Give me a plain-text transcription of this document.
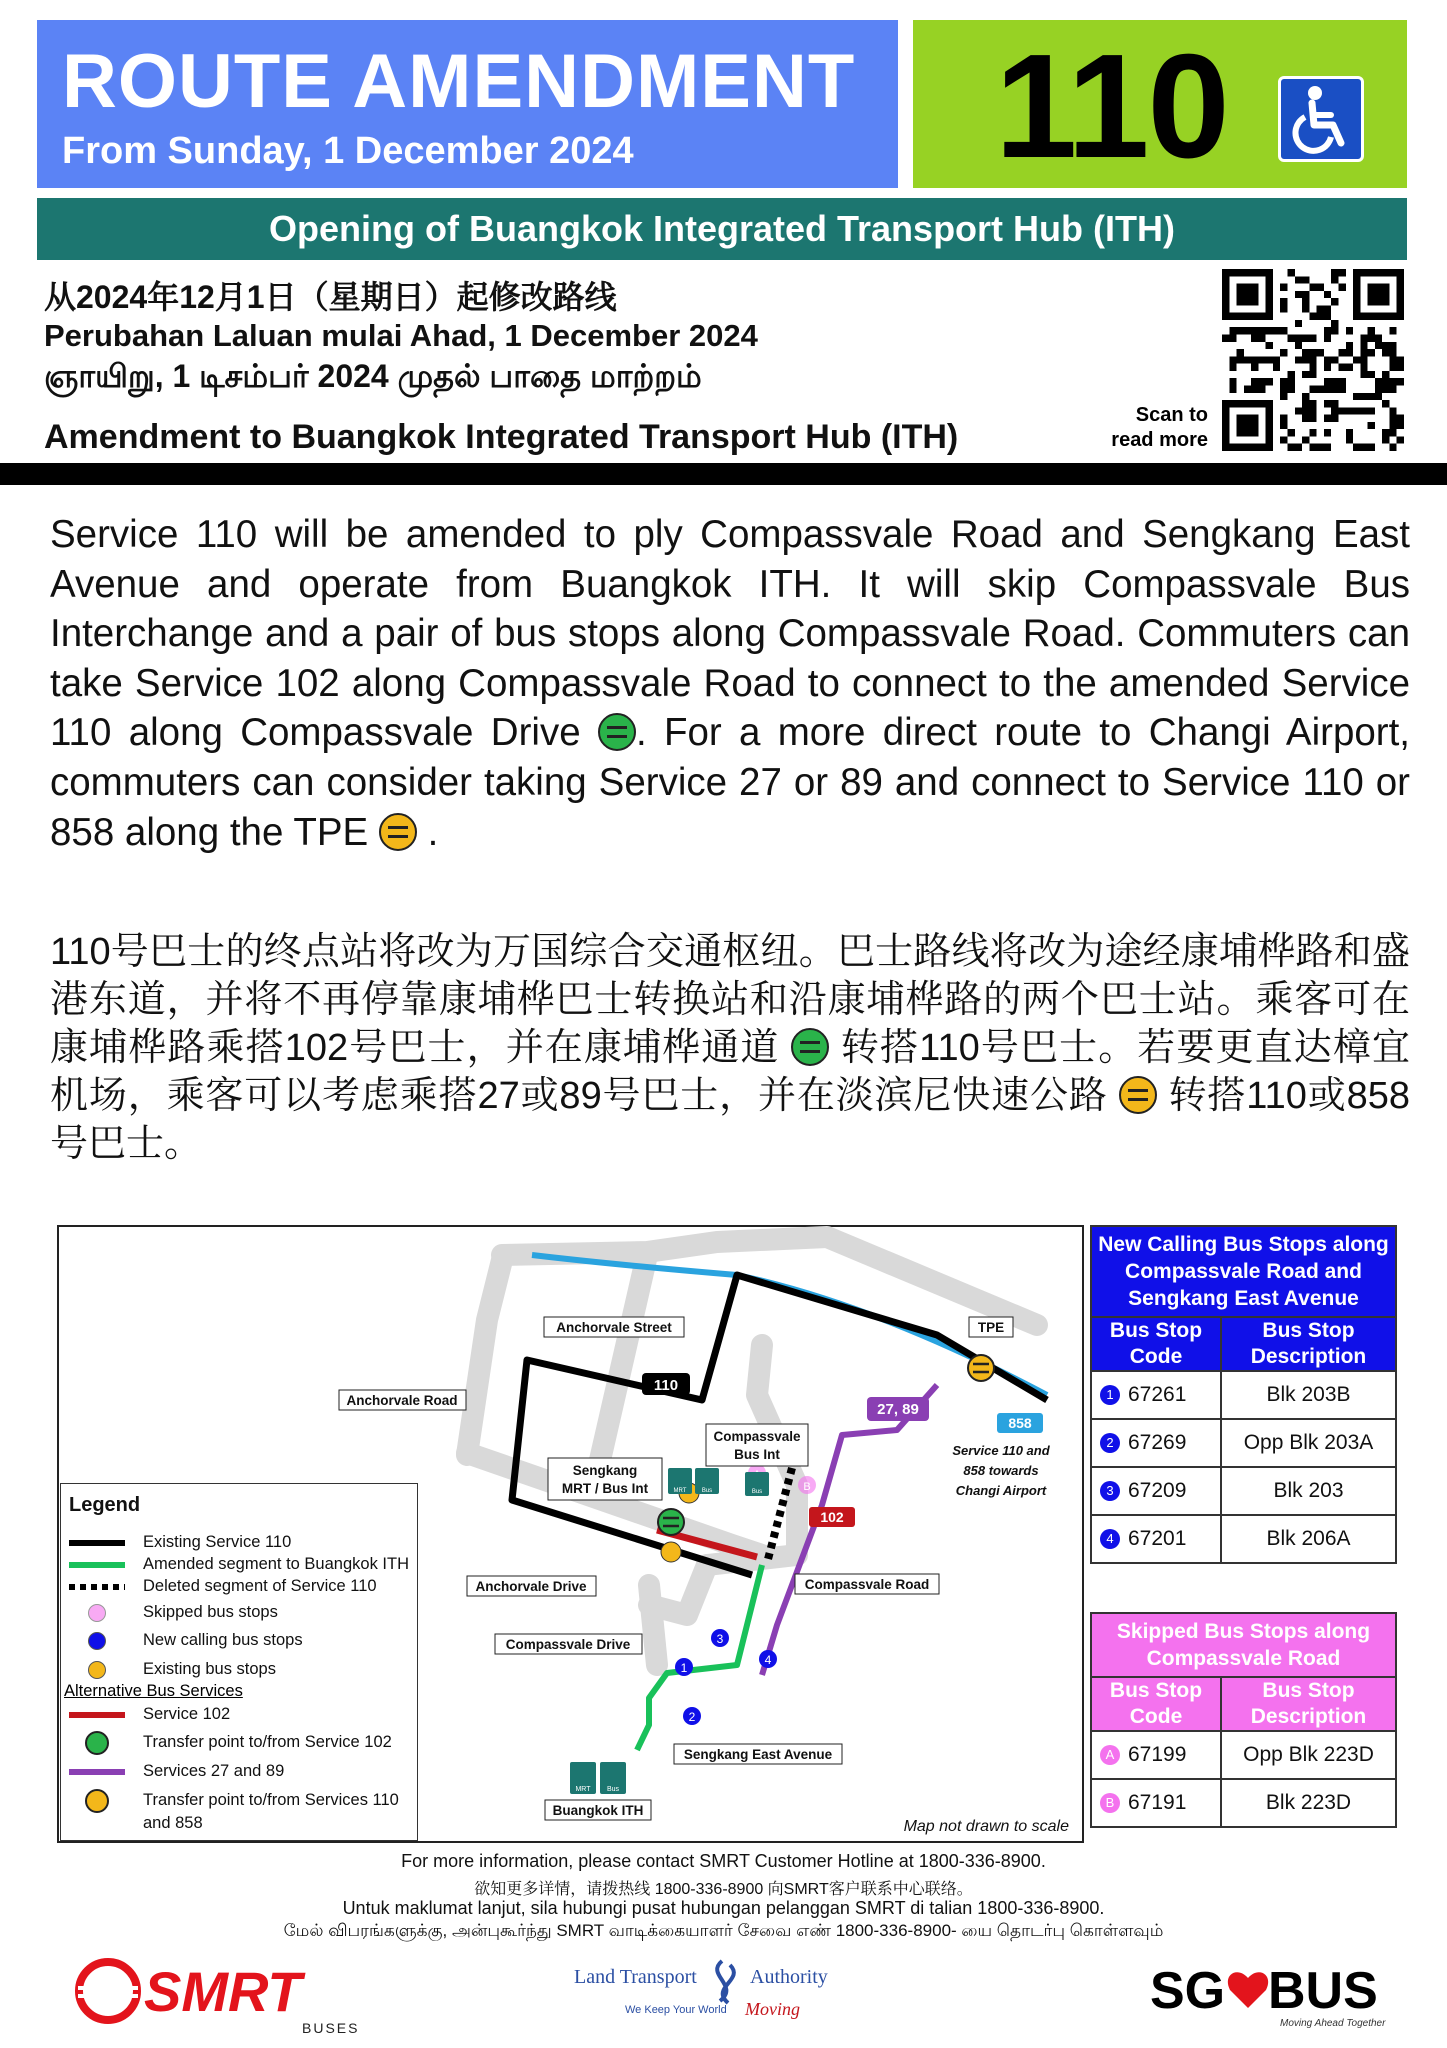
ROUTE AMENDMENT
From Sunday, 1 December 2024 110
Opening of Buangkok Integrated Transport Hub (ITH)
从2024年12月1日（星期日）起修改路线
Perubahan Laluan mulai Ahad, 1 December 2024
ஞாயிறு, 1 டிசம்பர் 2024 முதல் பாதை மாற்றம்
Amendment to Buangkok Integrated Transport Hub (ITH)
Scan to
read more
Service 110 will be amended to ply Compassvale Road and Sengkang East Avenue and operate from Buangkok ITH. It will skip Compassvale Bus Interchange and a pair of bus stops along Compassvale Road. Commuters can take Service 102 along Compassvale Road to connect to the amended Service 110 along Compassvale Drive . For a more direct route to Changi Airport, commuters can consider taking Service 27 or 89 and connect to Service 110 or 858 along the TPE .
110号巴士的终点站将改为万国综合交通枢纽。巴士路线将改为途经康埔桦路和盛港东道，并将不再停靠康埔桦巴士转换站和沿康埔桦路的两个巴士站。乘客可在康埔桦路乘搭102号巴士，并在康埔桦通道 转搭110号巴士。若要更直达樟宜机场，乘客可以考虑乘搭27或89号巴士，并在淡滨尼快速公路 转搭110或858号巴士。
B
1
2
3
4
Anchorvale Street
Anchorvale Road
Anchorvale Drive
Compassvale Drive
Compassvale Road
Sengkang East Avenue
Buangkok ITH
TPE
Sengkang
MRT / Bus Int
Compassvale
Bus Int
110
27, 89
102
858
Service 110 and
858 towards
Changi Airport
Map not drawn to scale
MRT	Bus	Bus
MRT Bus
Legend
Existing Service 110
Amended segment to Buangkok ITH
Deleted segment of Service 110
Skipped bus stops
New calling bus stops
Existing bus stops
Service 102
Transfer point to/from Service 102
Services 27 and 89
Transfer point to/from Services 110
and 858
Alternative Bus Services
New Calling Bus Stops along Compassvale Road and Sengkang East Avenue	
Bus Stop Code	Bus Stop Description

1 67261	Blk 203B

2 67269	Opp Blk 203A

3 67209	Blk 203

4 67201	Blk 206A
Skipped Bus Stops along Compassvale Road	
Bus Stop Code	Bus Stop Description

A 67199	Opp Blk 223D

B 67191	Blk 223D
For more information, please contact SMRT Customer Hotline at 1800-336-8900.
欲知更多详情，请拨热线 1800-336-8900 向SMRT客户联系中心联络。
Untuk maklumat lanjut, sila hubungi pusat hubungan pelanggan SMRT di talian 1800-336-8900.
மேல் விபரங்களுக்கு, அன்புகூர்ந்து SMRT வாடிக்கையாளர் சேவை எண் 1800-336-8900- யை தொடர்பு கொள்ளவும்
SMRT
BUSES
Land Transport	Authority
We Keep Your World Moving	SG BUS
Moving Ahead Together
